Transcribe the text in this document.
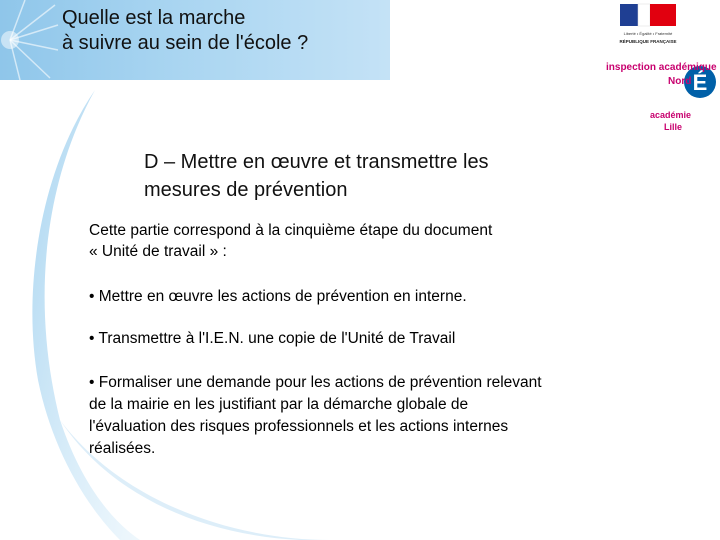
Quelle est la marche
à suivre au sein de l'école ?	Liberté • Égalité • Fraternité
RÉPUBLIQUE FRANÇAISE
É
inspection académique
Nord
académie
Lille
D – Mettre en œuvre et transmettre les
mesures de prévention
Cette partie correspond à la cinquième étape du document
« Unité de travail » :
• Mettre en œuvre les actions de prévention en interne.
• Transmettre à l'I.E.N. une copie de l'Unité de Travail
• Formaliser une demande pour les actions de prévention relevant
de la mairie en les justifiant par la démarche globale de
l'évaluation des risques professionnels et les actions internes
réalisées.
